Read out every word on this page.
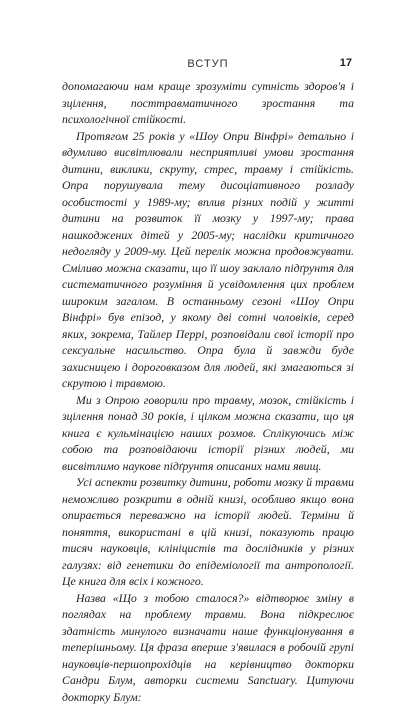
ВСТУП	17

допомагаючи нам краще зрозуміти сутність здоров'я і зцілення, посттравматичного зростання та психологічної стійкості.

Протягом 25 років у «Шоу Опри Вінфрі» детально і вдумливо висвітлювали несприятливі умови зростання дитини, виклики, скруту, стрес, травму і стійкість. Опра порушувала тему дисоціативного розладу особистості у 1989-му; вплив різних подій у житті дитини на розвиток її мозку у 1997-му; права нашкоджених дітей у 2005-му; наслідки критичного недогляду у 2009-му. Цей перелік можна продовжувати. Сміливо можна сказати, що її шоу заклало підґрунтя для систематичного розуміння й усвідомлення цих проблем широким загалом. В останньому сезоні «Шоу Опри Вінфрі» був епізод, у якому дві сотні чоловіків, серед яких, зокрема, Тайлер Перрі, розповідали свої історії про сексуальне насильство. Опра була й завжди буде захисницею і дороговказом для людей, які змагаються зі скрутою і травмою.

Ми з Опрою говорили про травму, мозок, стійкість і зцілення понад 30 років, і цілком можна сказати, що ця книга є кульмінацією наших розмов. Сплікуючись між собою та розповідаючи історії різних людей, ми висвітлимо наукове підґрунтя описаних нами явищ.

Усі аспекти розвитку дитини, роботи мозку й травми неможливо розкрити в одній книзі, особливо якщо вона опирається переважно на історії людей. Терміни й поняття, використані в цій книзі, показують працю тисяч науковців, клініцистів та дослідників у різних галузях: від генетики до епідеміології та антропології. Це книга для всіх і кожного.

Назва «Що з тобою сталося?» відтворює зміну в поглядах на проблему травми. Вона підкреслює здатність минулого визначати наше функціонування в теперішньому. Ця фраза вперше з'явилася в робочій групі науковців-першопрохідців на керівництво докторки Сандри Блум, авторки системи Sanctuary. Цитуючи докторку Блум:
